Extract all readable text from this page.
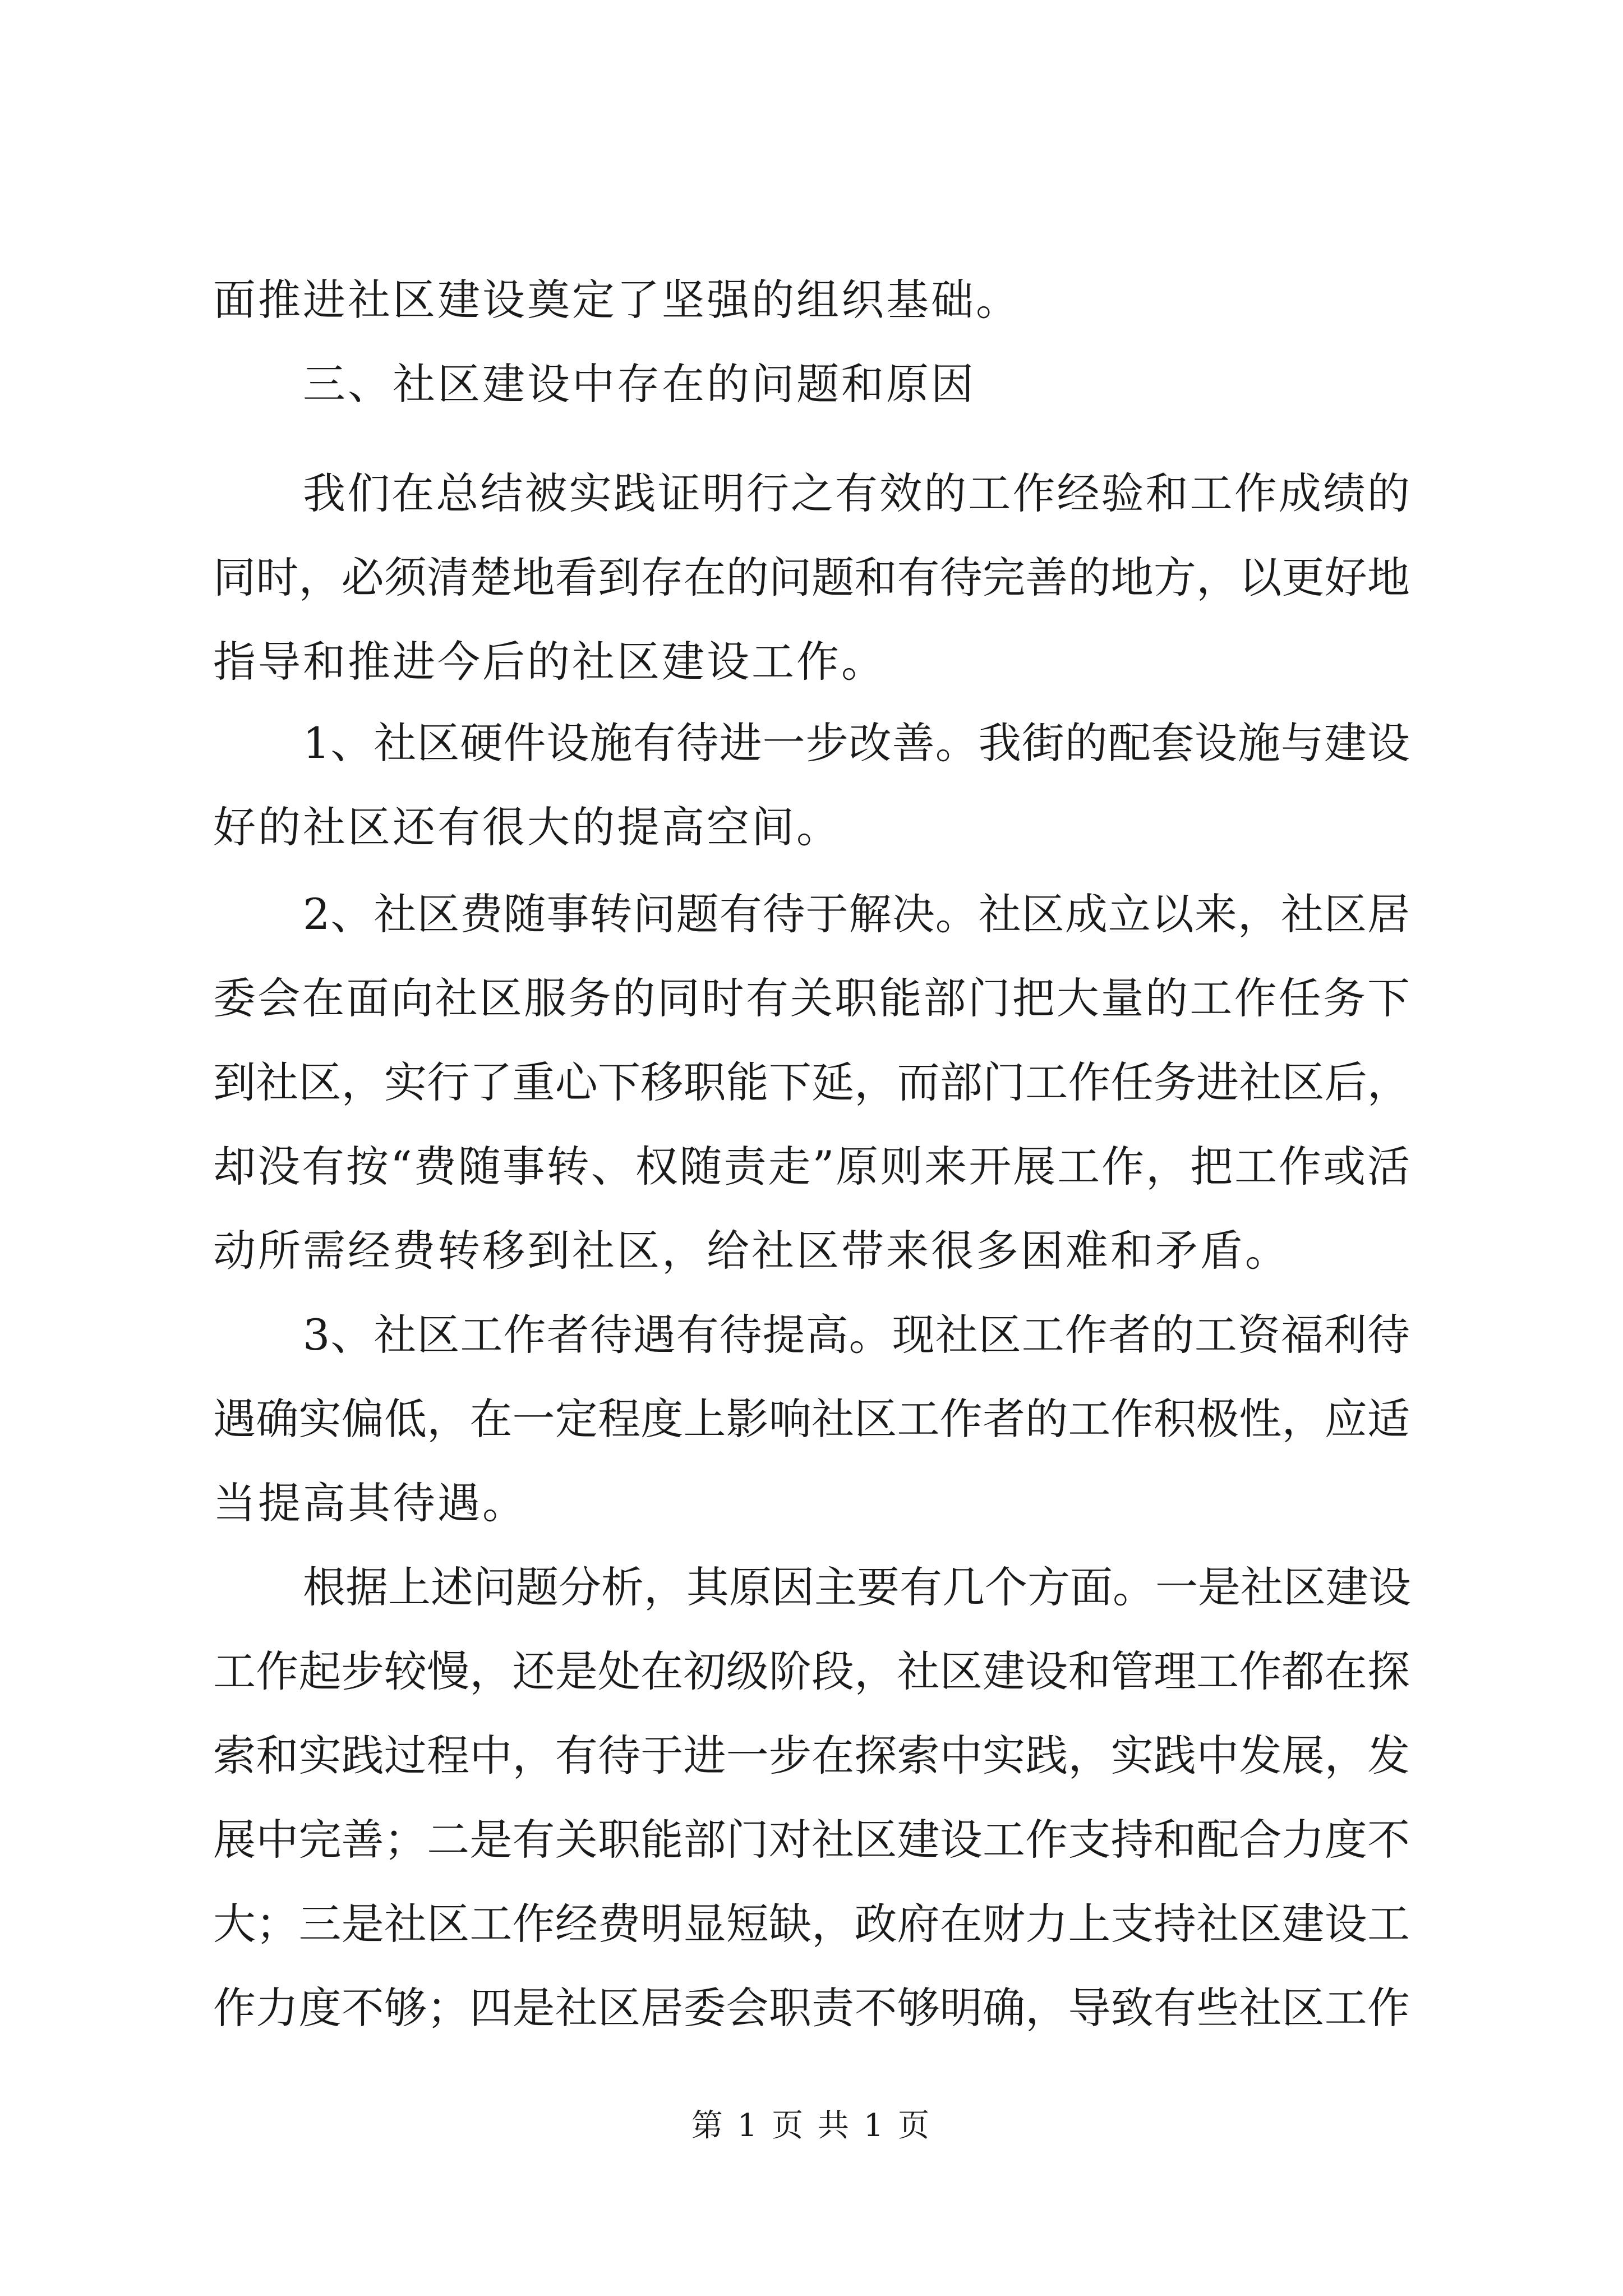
面推进社区建设奠定了坚强的组织基础。
三、社区建设中存在的问题和原因
我们在总结被实践证明行之有效的工作经验和工作成绩的
同时，必须清楚地看到存在的问题和有待完善的地方，以更好地
指导和推进今后的社区建设工作。
1、社区硬件设施有待进一步改善。我街的配套设施与建设
好的社区还有很大的提高空间。
2、社区费随事转问题有待于解决。社区成立以来，社区居
委会在面向社区服务的同时有关职能部门把大量的工作任务下
到社区，实行了重心下移职能下延，而部门工作任务进社区后，
却没有按“费随事转、权随责走”原则来开展工作，把工作或活
动所需经费转移到社区，给社区带来很多困难和矛盾。
3、社区工作者待遇有待提高。现社区工作者的工资福利待
遇确实偏低，在一定程度上影响社区工作者的工作积极性，应适
当提高其待遇。
根据上述问题分析，其原因主要有几个方面。一是社区建设
工作起步较慢，还是处在初级阶段，社区建设和管理工作都在探
索和实践过程中，有待于进一步在探索中实践，实践中发展，发
展中完善；二是有关职能部门对社区建设工作支持和配合力度不
大；三是社区工作经费明显短缺，政府在财力上支持社区建设工
作力度不够；四是社区居委会职责不够明确，导致有些社区工作
第 1 页 共 1 页
